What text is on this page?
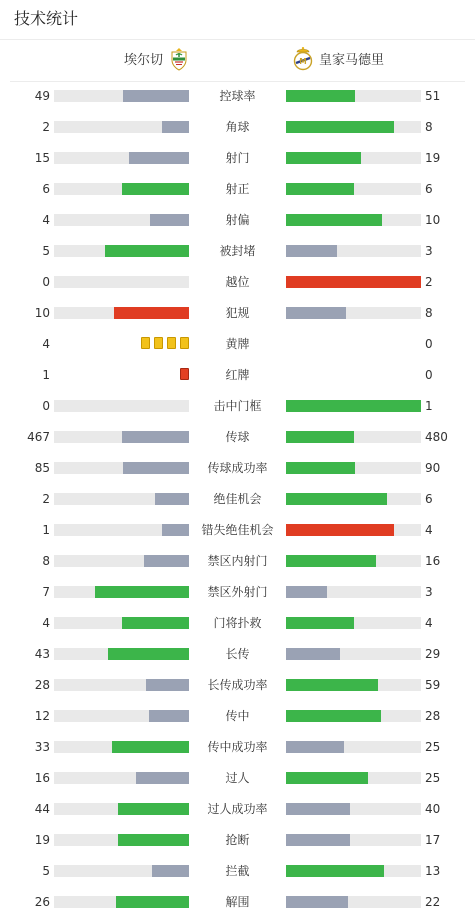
技术统计
埃尔切	M 皇家马德里
49	控球率	51
2	角球	8
15	射门	19
6	射正	6
4	射偏	10
5	被封堵	3
0	越位	2
10	犯规	8
4	黄牌	0
1	红牌	0
0	击中门框	1
467	传球	480
85	传球成功率	90
2	绝佳机会	6
1	错失绝佳机会	4
8	禁区内射门	16
7	禁区外射门	3
4	门将扑救	4
43	长传	29
28	长传成功率	59
12	传中	28
33	传中成功率	25
16	过人	25
44	过人成功率	40
19	抢断	17
5	拦截	13
26	解围	22
